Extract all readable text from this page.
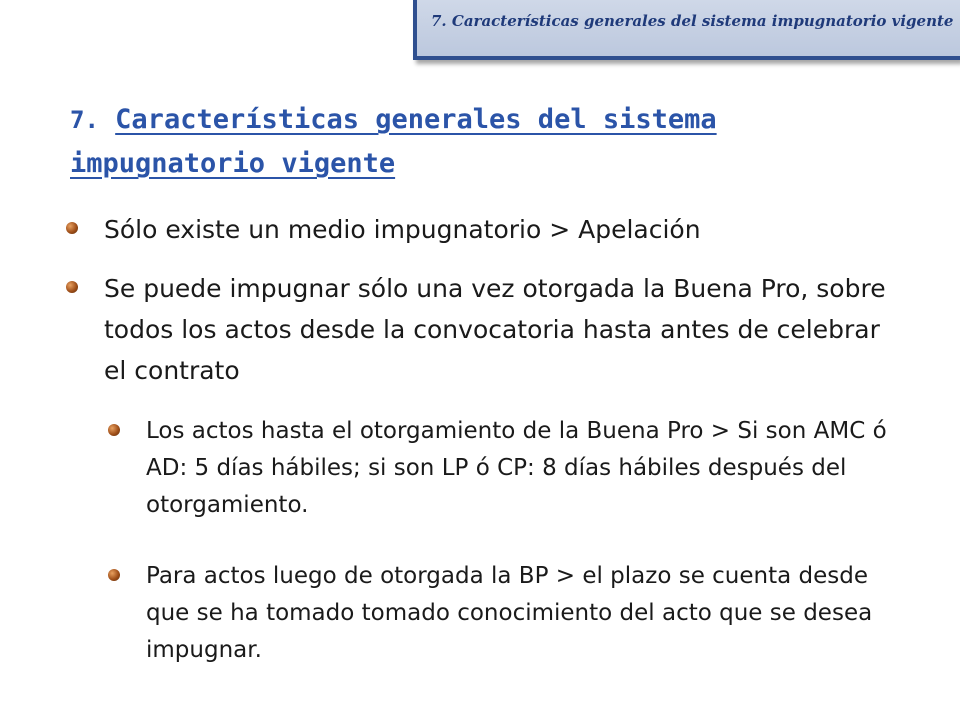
7. Características generales del sistema impugnatorio vigente
7. Características generales del sistema impugnatorio vigente
Sólo existe un medio impugnatorio > Apelación
Se puede impugnar sólo una vez otorgada la Buena Pro, sobre todos los actos desde la convocatoria hasta antes de celebrar el contrato
Los actos hasta el otorgamiento de la Buena Pro > Si son AMC ó AD: 5 días hábiles; si son LP ó CP: 8 días hábiles después del otorgamiento.
Para actos luego de otorgada la BP > el plazo se cuenta desde que se ha tomado tomado conocimiento del acto que se desea impugnar.
